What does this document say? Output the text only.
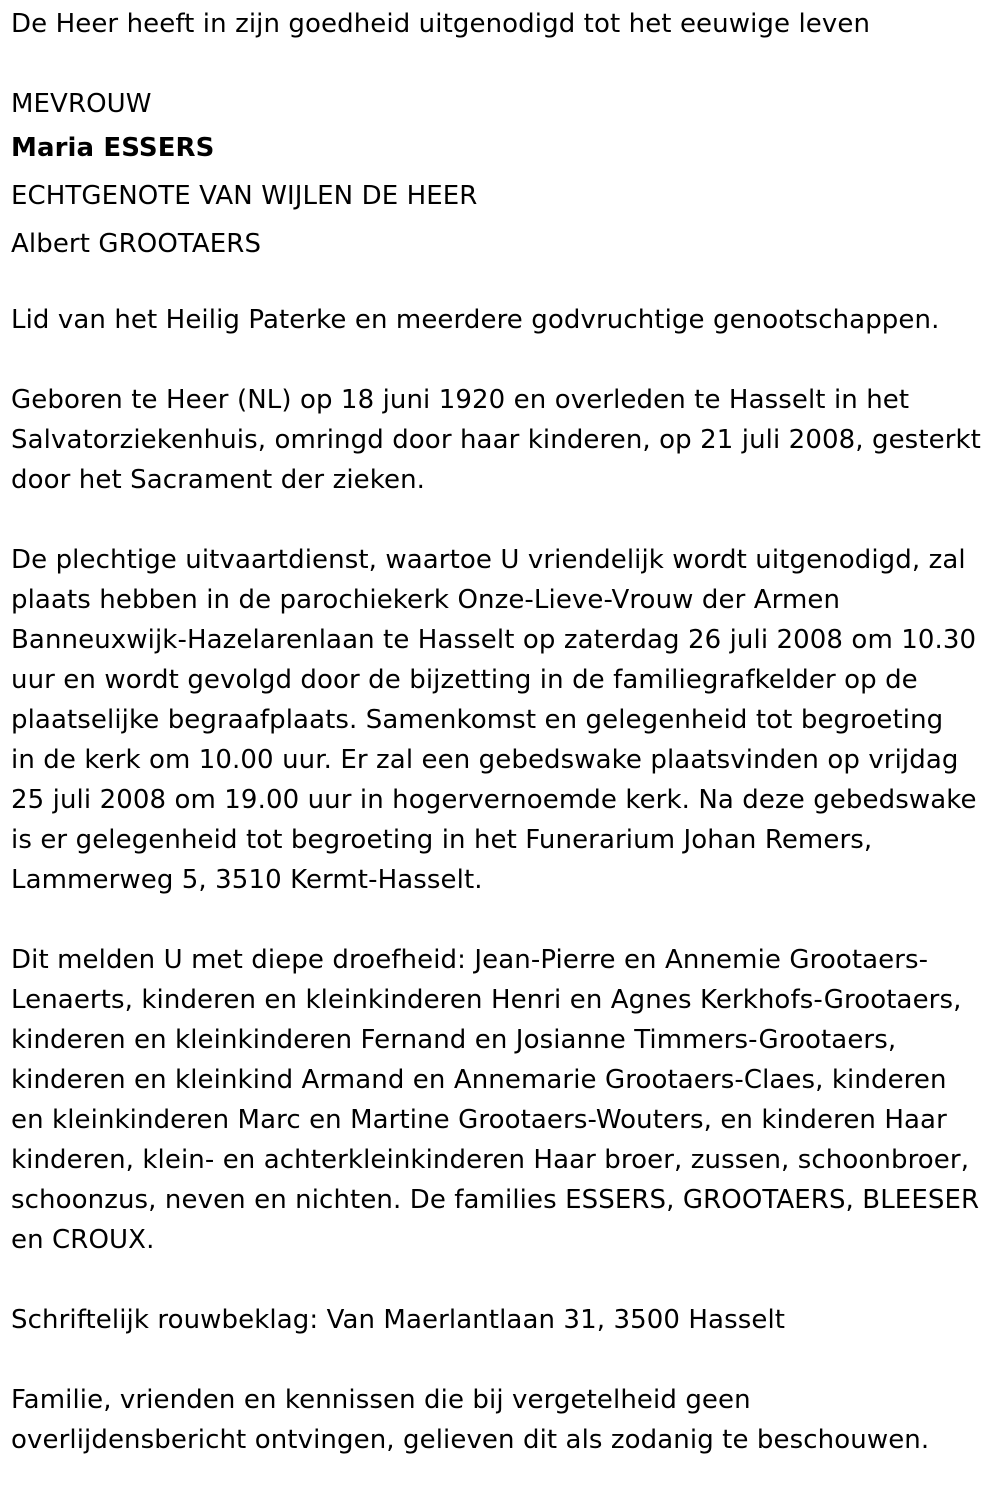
De Heer heeft in zijn goedheid uitgenodigd tot het eeuwige leven

MEVROUW
Maria ESSERS
ECHTGENOTE VAN WIJLEN DE HEER
Albert GROOTAERS

Lid van het Heilig Paterke en meerdere godvruchtige genootschappen.

Geboren te Heer (NL) op 18 juni 1920 en overleden te Hasselt in het
Salvatorziekenhuis, omringd door haar kinderen, op 21 juli 2008, gesterkt
door het Sacrament der zieken.

De plechtige uitvaartdienst, waartoe U vriendelijk wordt uitgenodigd, zal
plaats hebben in de parochiekerk Onze-Lieve-Vrouw der Armen
Banneuxwijk-Hazelarenlaan te Hasselt op zaterdag 26 juli 2008 om 10.30
uur en wordt gevolgd door de bijzetting in de familiegrafkelder op de
plaatselijke begraafplaats. Samenkomst en gelegenheid tot begroeting
in de kerk om 10.00 uur. Er zal een gebedswake plaatsvinden op vrijdag
25 juli 2008 om 19.00 uur in hogervernoemde kerk. Na deze gebedswake
is er gelegenheid tot begroeting in het Funerarium Johan Remers,
Lammerweg 5, 3510 Kermt-Hasselt.

Dit melden U met diepe droefheid: Jean-Pierre en Annemie Grootaers-
Lenaerts, kinderen en kleinkinderen Henri en Agnes Kerkhofs-Grootaers,
kinderen en kleinkinderen Fernand en Josianne Timmers-Grootaers,
kinderen en kleinkind Armand en Annemarie Grootaers-Claes, kinderen
en kleinkinderen Marc en Martine Grootaers-Wouters, en kinderen Haar
kinderen, klein- en achterkleinkinderen Haar broer, zussen, schoonbroer,
schoonzus, neven en nichten. De families ESSERS, GROOTAERS, BLEESER
en CROUX.

Schriftelijk rouwbeklag: Van Maerlantlaan 31, 3500 Hasselt

Familie, vrienden en kennissen die bij vergetelheid geen
overlijdensbericht ontvingen, gelieven dit als zodanig te beschouwen.
